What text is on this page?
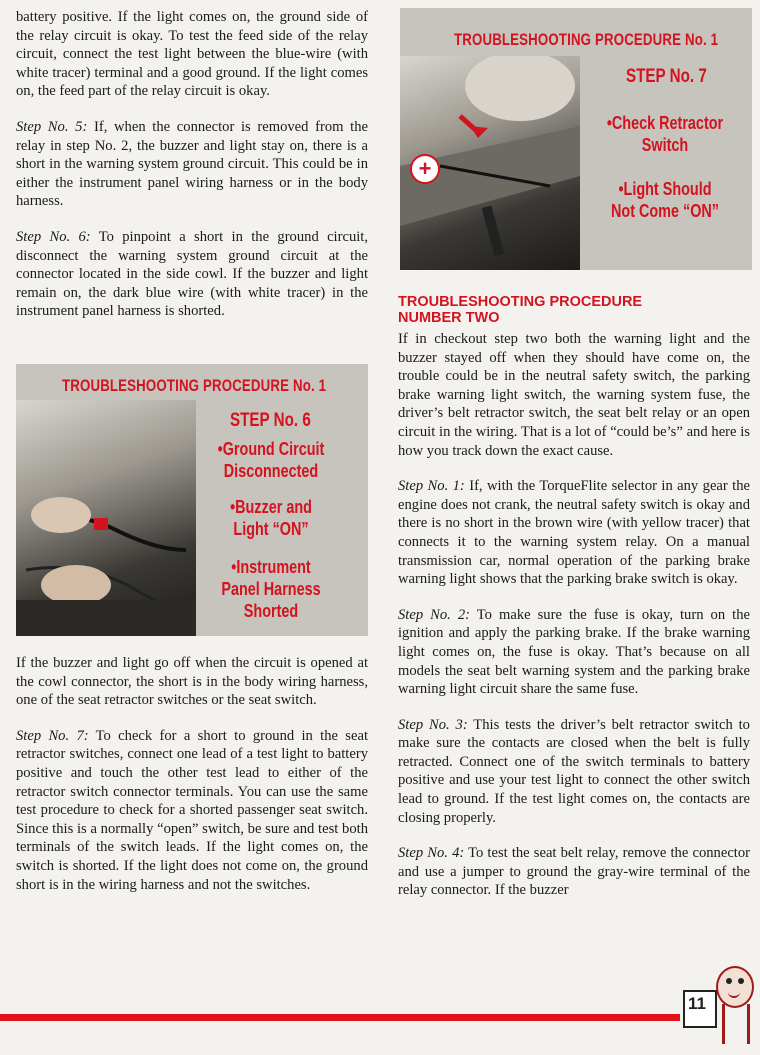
battery positive. If the light comes on, the ground side of the relay circuit is okay. To test the feed side of the relay circuit, connect the test light between the blue-wire (with white tracer) terminal and a good ground. If the light comes on, the feed part of the relay circuit is okay.

Step No. 5: If, when the connector is removed from the relay in step No. 2, the buzzer and light stay on, there is a short in the warning system ground circuit. This could be in either the instrument panel wiring harness or in the body harness.

Step No. 6: To pinpoint a short in the ground circuit, disconnect the warning system ground circuit at the connector located in the side cowl. If the buzzer and light remain on, the dark blue wire (with white tracer) in the instrument panel harness is shorted.

TROUBLESHOOTING PROCEDURE No. 1
STEP No. 6
•Ground Circuit Disconnected
•Buzzer and Light “ON”
•Instrument Panel Harness Shorted

If the buzzer and light go off when the circuit is opened at the cowl connector, the short is in the body wiring harness, one of the seat retractor switches or the seat switch.

Step No. 7: To check for a short to ground in the seat retractor switches, connect one lead of a test light to battery positive and touch the other test lead to either of the retractor switch connector terminals. You can use the same test procedure to check for a shorted passenger seat switch. Since this is a normally “open” switch, be sure and test both terminals of the switch leads. If the light comes on, the switch is shorted. If the light does not come on, the ground short is in the wiring harness and not the switches.

+
TROUBLESHOOTING PROCEDURE No. 1
STEP No. 7
•Check Retractor Switch
•Light Should Not Come “ON”
TROUBLESHOOTING PROCEDURE NUMBER TWO

If in checkout step two both the warning light and the buzzer stayed off when they should have come on, the trouble could be in the neutral safety switch, the parking brake warning light switch, the warning system fuse, the driver’s belt retractor switch, the seat belt relay or an open circuit in the wiring. That is a lot of “could be’s” and here is how you track down the exact cause.

Step No. 1: If, with the TorqueFlite selector in any gear the engine does not crank, the neutral safety switch is okay and there is no short in the brown wire (with yellow tracer) that connects it to the warning system relay. On a manual transmission car, normal operation of the parking brake warning light shows that the parking brake switch is okay.

Step No. 2: To make sure the fuse is okay, turn on the ignition and apply the parking brake. If the brake warning light comes on, the fuse is okay. That’s because on all models the seat belt warning system and the parking brake warning light circuit share the same fuse.

Step No. 3: This tests the driver’s belt retractor switch to make sure the contacts are closed when the belt is fully retracted. Connect one of the switch terminals to battery positive and use your test light to connect the other switch lead to ground. If the test light comes on, the contacts are closing properly.

Step No. 4: To test the seat belt relay, remove the connector and use a jumper to ground the gray-wire terminal of the relay connector. If the buzzer

11
